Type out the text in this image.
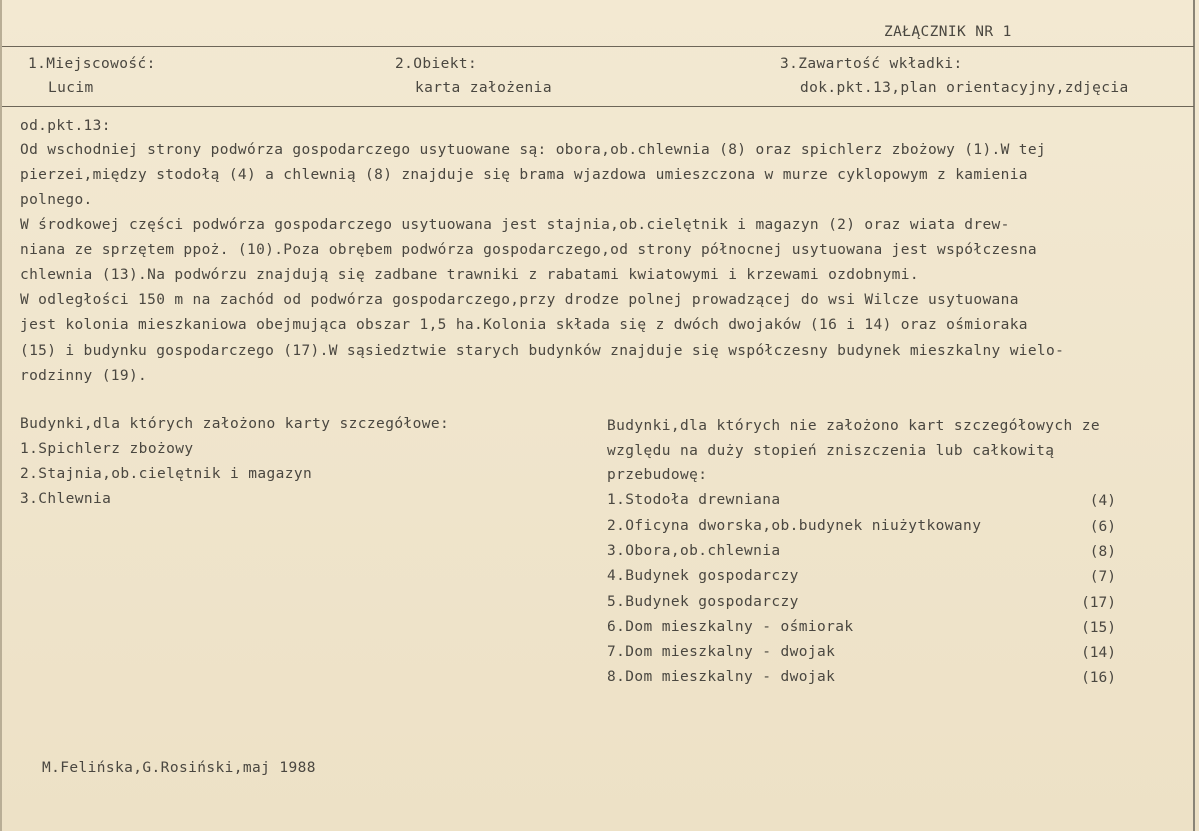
ZAŁĄCZNIK NR 1
1.Miejscowość:
Lucim
2.Obiekt:
karta założenia
3.Zawartość wkładki:
dok.pkt.13,plan orientacyjny,zdjęcia
od.pkt.13:
Od wschodniej strony podwórza gospodarczego usytuowane są: obora,ob.chlewnia (8) oraz spichlerz zbożowy (1).W tej
pierzei,między stodołą (4) a chlewnią (8) znajduje się brama wjazdowa umieszczona w murze cyklopowym z kamienia
polnego.
W środkowej części podwórza gospodarczego usytuowana jest stajnia,ob.cielętnik i magazyn (2) oraz wiata drew-
niana ze sprzętem ppoż. (10).Poza obrębem podwórza gospodarczego,od strony północnej usytuowana jest współczesna
chlewnia (13).Na podwórzu znajdują się zadbane trawniki z rabatami kwiatowymi i krzewami ozdobnymi.
W odległości 150 m na zachód od podwórza gospodarczego,przy drodze polnej prowadzącej do wsi Wilcze usytuowana
jest kolonia mieszkaniowa obejmująca obszar 1,5 ha.Kolonia składa się z dwóch dwojaków (16 i 14) oraz ośmioraka
(15) i budynku gospodarczego (17).W sąsiedztwie starych budynków znajduje się współczesny budynek mieszkalny wielo-
rodzinny (19).
Budynki,dla których założono karty szczegółowe:
1.Spichlerz zbożowy
2.Stajnia,ob.cielętnik i magazyn
3.Chlewnia
Budynki,dla których nie założono kart szczegółowych ze
względu na duży stopień zniszczenia lub całkowitą
przebudowę:
1.Stodoła drewniana	(4)
2.Oficyna dworska,ob.budynek niużytkowany	(6)
3.Obora,ob.chlewnia	(8)
4.Budynek gospodarczy	(7)
5.Budynek gospodarczy	(17)
6.Dom mieszkalny - ośmiorak	(15)
7.Dom mieszkalny - dwojak	(14)
8.Dom mieszkalny - dwojak	(16)
M.Felińska,G.Rosiński,maj 1988
